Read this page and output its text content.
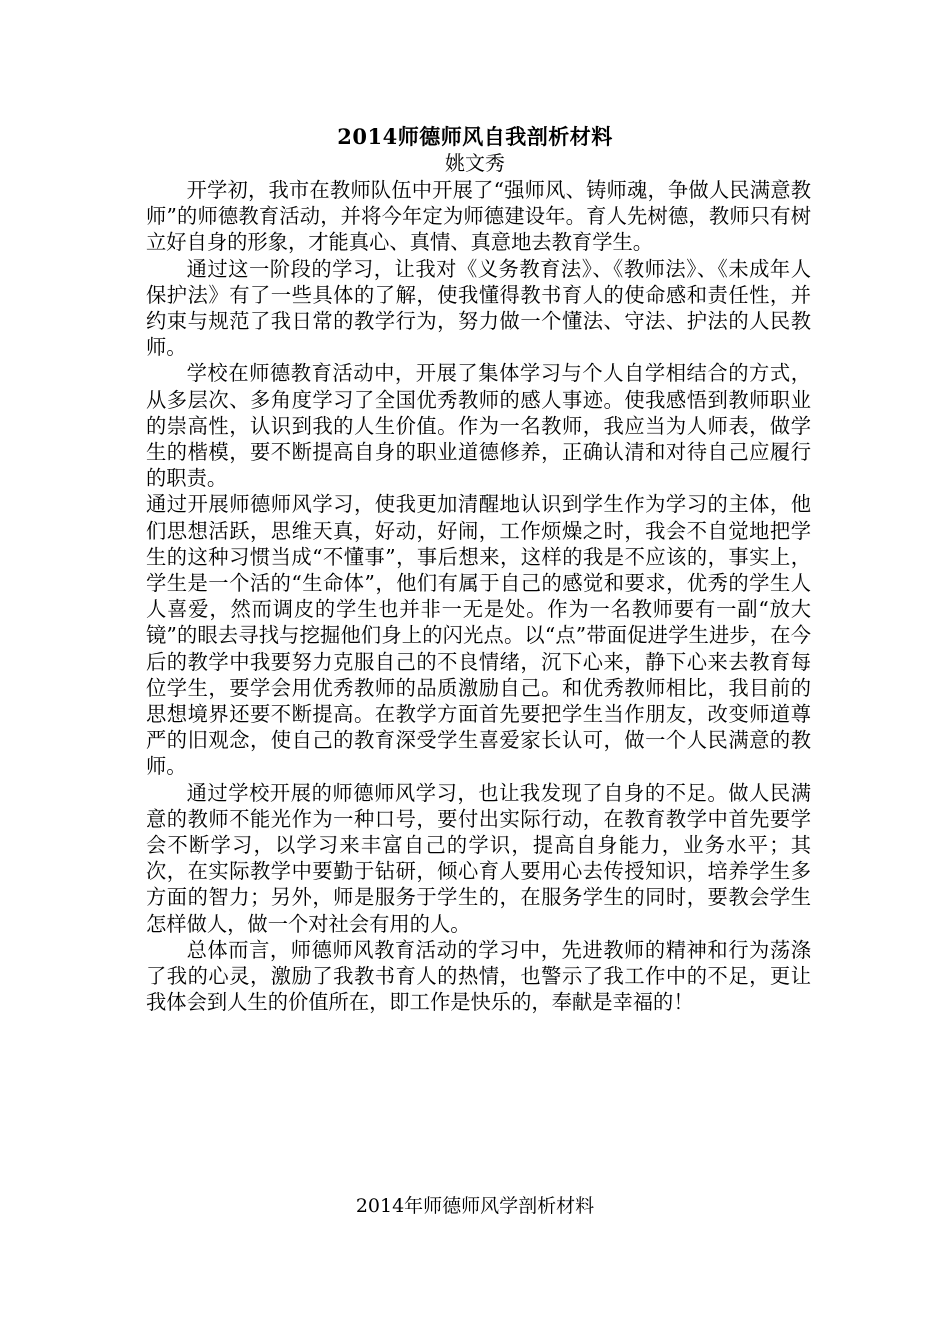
2014师德师风自我剖析材料
姚文秀

开学初，我市在教师队伍中开展了“强师风、铸师魂，争做人民满意教师”的师德教育活动，并将今年定为师德建设年。育人先树德，教师只有树立好自身的形象，才能真心、真情、真意地去教育学生。

通过这一阶段的学习，让我对《义务教育法》、《教师法》、《未成年人保护法》有了一些具体的了解，使我懂得教书育人的使命感和责任性，并约束与规范了我日常的教学行为，努力做一个懂法、守法、护法的人民教师。

学校在师德教育活动中，开展了集体学习与个人自学相结合的方式，从多层次、多角度学习了全国优秀教师的感人事迹。使我感悟到教师职业的崇高性，认识到我的人生价值。作为一名教师，我应当为人师表，做学生的楷模，要不断提高自身的职业道德修养，正确认清和对待自己应履行的职责。

通过开展师德师风学习，使我更加清醒地认识到学生作为学习的主体，他们思想活跃，思维天真，好动，好闹，工作烦燥之时，我会不自觉地把学生的这种习惯当成“不懂事”，事后想来，这样的我是不应该的，事实上，学生是一个活的“生命体”，他们有属于自己的感觉和要求，优秀的学生人人喜爱，然而调皮的学生也并非一无是处。作为一名教师要有一副“放大镜”的眼去寻找与挖掘他们身上的闪光点。以“点”带面促进学生进步，在今后的教学中我要努力克服自己的不良情绪，沉下心来，静下心来去教育每位学生，要学会用优秀教师的品质激励自己。和优秀教师相比，我目前的思想境界还要不断提高。在教学方面首先要把学生当作朋友，改变师道尊严的旧观念，使自己的教育深受学生喜爱家长认可，做一个人民满意的教师。

通过学校开展的师德师风学习，也让我发现了自身的不足。做人民满意的教师不能光作为一种口号，要付出实际行动，在教育教学中首先要学会不断学习，以学习来丰富自己的学识，提高自身能力，业务水平；其次，在实际教学中要勤于钻研，倾心育人要用心去传授知识，培养学生多方面的智力；另外，师是服务于学生的，在服务学生的同时，要教会学生怎样做人，做一个对社会有用的人。

总体而言，师德师风教育活动的学习中，先进教师的精神和行为荡涤了我的心灵，激励了我教书育人的热情，也警示了我工作中的不足，更让我体会到人生的价值所在，即工作是快乐的，奉献是幸福的！

2014年师德师风学剖析材料
